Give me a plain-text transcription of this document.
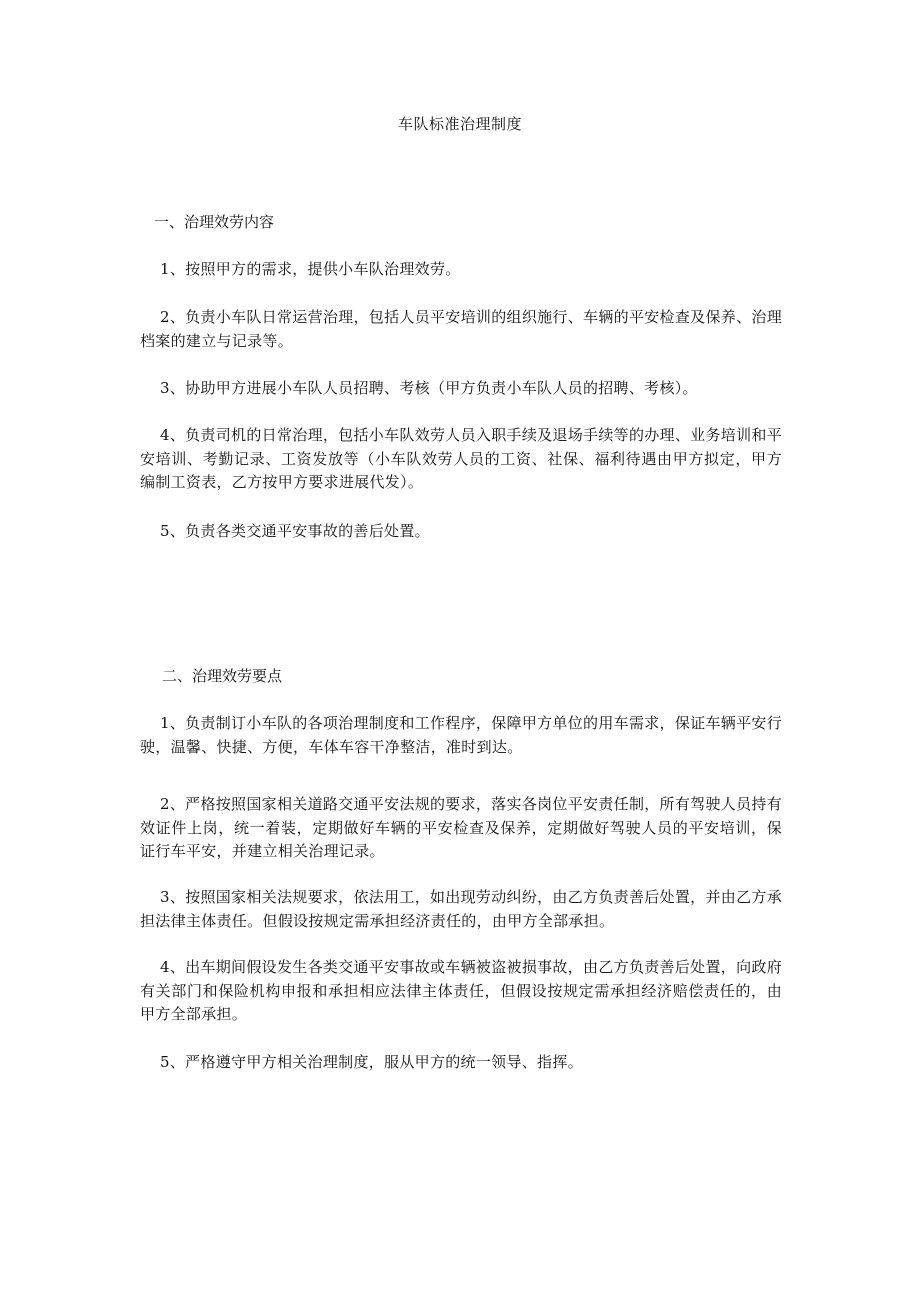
车队标准治理制度
一、治理效劳内容
1、按照甲方的需求，提供小车队治理效劳。
2、负责小车队日常运营治理，包括人员平安培训的组织施行、车辆的平安检查及保养、治理档案的建立与记录等。
3、协助甲方进展小车队人员招聘、考核（甲方负责小车队人员的招聘、考核）。
4、负责司机的日常治理，包括小车队效劳人员入职手续及退场手续等的办理、业务培训和平安培训、考勤记录、工资发放等（小车队效劳人员的工资、社保、福利待遇由甲方拟定，甲方编制工资表，乙方按甲方要求进展代发）。
5、负责各类交通平安事故的善后处置。
二、治理效劳要点
1、负责制订小车队的各项治理制度和工作程序，保障甲方单位的用车需求，保证车辆平安行驶，温馨、快捷、方便，车体车容干净整洁，准时到达。
2、严格按照国家相关道路交通平安法规的要求，落实各岗位平安责任制，所有驾驶人员持有效证件上岗，统一着装，定期做好车辆的平安检查及保养，定期做好驾驶人员的平安培训，保证行车平安，并建立相关治理记录。
3、按照国家相关法规要求，依法用工，如出现劳动纠纷，由乙方负责善后处置，并由乙方承担法律主体责任。但假设按规定需承担经济责任的，由甲方全部承担。
4、出车期间假设发生各类交通平安事故或车辆被盗被损事故，由乙方负责善后处置，向政府有关部门和保险机构申报和承担相应法律主体责任，但假设按规定需承担经济赔偿责任的，由甲方全部承担。
5、严格遵守甲方相关治理制度，服从甲方的统一领导、指挥。
